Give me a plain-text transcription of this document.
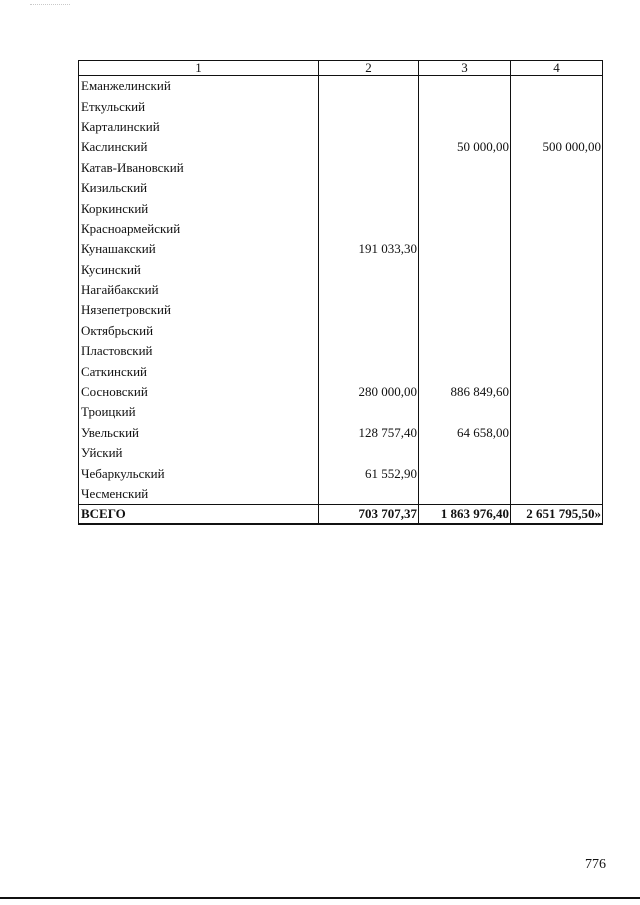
1	2	3	4
Еманжелинский			
Еткульский			
Карталинский			
Каслинский		50 000,00	500 000,00
Катав-Ивановский			
Кизильский			
Коркинский			
Красноармейский			
Кунашакский	191 033,30		
Кусинский			
Нагайбакский			
Нязепетровский			
Октябрьский			
Пластовский			
Саткинский			
Сосновский	280 000,00	886 849,60	
Троицкий			
Увельский	128 757,40	64 658,00	
Уйский			
Чебаркульский	61 552,90		
Чесменский			
ВСЕГО	703 707,37	1 863 976,40	2 651 795,50»
776
